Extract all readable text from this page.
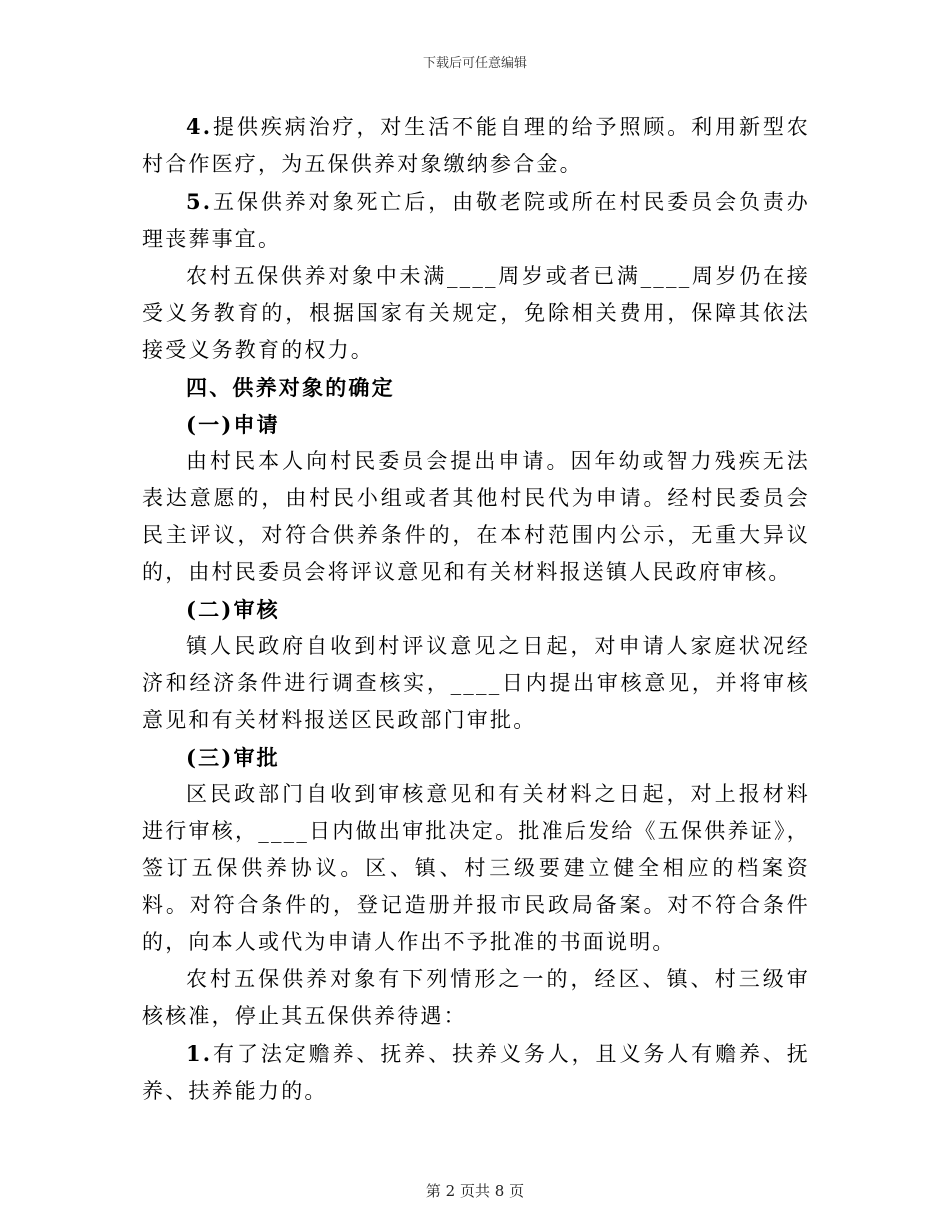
下载后可任意编辑

4.提供疾病治疗，对生活不能自理的给予照顾。利用新型农村合作医疗，为五保供养对象缴纳参合金。

5.五保供养对象死亡后，由敬老院或所在村民委员会负责办理丧葬事宜。

农村五保供养对象中未满____周岁或者已满____周岁仍在接受义务教育的，根据国家有关规定，免除相关费用，保障其依法接受义务教育的权力。

四、供养对象的确定

(一)申请

由村民本人向村民委员会提出申请。因年幼或智力残疾无法表达意愿的，由村民小组或者其他村民代为申请。经村民委员会民主评议，对符合供养条件的，在本村范围内公示，无重大异议的，由村民委员会将评议意见和有关材料报送镇人民政府审核。

(二)审核

镇人民政府自收到村评议意见之日起，对申请人家庭状况经济和经济条件进行调查核实，____日内提出审核意见，并将审核意见和有关材料报送区民政部门审批。

(三)审批

区民政部门自收到审核意见和有关材料之日起，对上报材料进行审核，____日内做出审批决定。批准后发给《五保供养证》，签订五保供养协议。区、镇、村三级要建立健全相应的档案资料。对符合条件的，登记造册并报市民政局备案。对不符合条件的，向本人或代为申请人作出不予批准的书面说明。

农村五保供养对象有下列情形之一的，经区、镇、村三级审核核准，停止其五保供养待遇：

1.有了法定赡养、抚养、扶养义务人，且义务人有赡养、抚养、扶养能力的。

第 2 页共 8 页
